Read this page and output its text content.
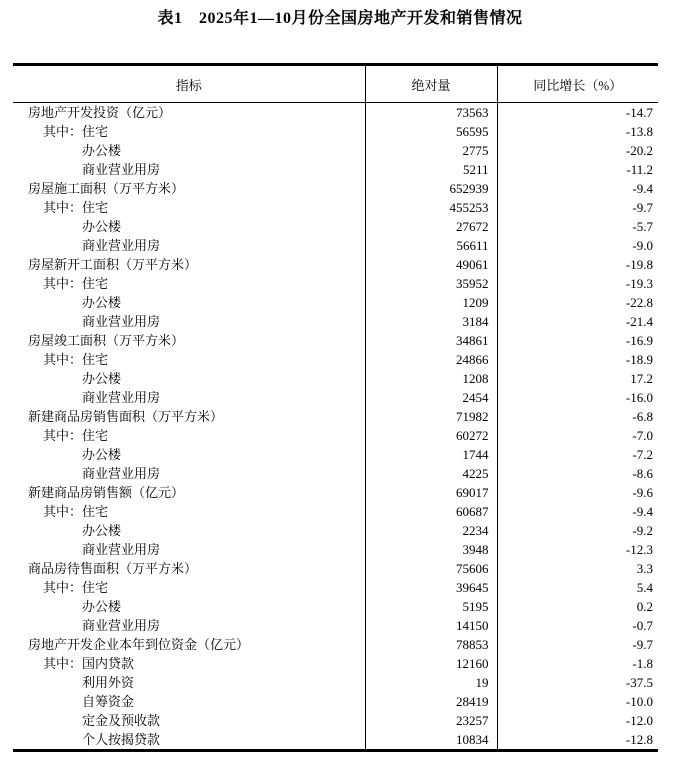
表1　2025年1—10月份全国房地产开发和销售情况
指标	绝对量	同比增长（%）
房地产开发投资（亿元）	73563	-14.7
其中：住宅	56595	-13.8
办公楼	2775	-20.2
商业营业用房	5211	-11.2
房屋施工面积（万平方米）	652939	-9.4
其中：住宅	455253	-9.7
办公楼	27672	-5.7
商业营业用房	56611	-9.0
房屋新开工面积（万平方米）	49061	-19.8
其中：住宅	35952	-19.3
办公楼	1209	-22.8
商业营业用房	3184	-21.4
房屋竣工面积（万平方米）	34861	-16.9
其中：住宅	24866	-18.9
办公楼	1208	17.2
商业营业用房	2454	-16.0
新建商品房销售面积（万平方米）	71982	-6.8
其中：住宅	60272	-7.0
办公楼	1744	-7.2
商业营业用房	4225	-8.6
新建商品房销售额（亿元）	69017	-9.6
其中：住宅	60687	-9.4
办公楼	2234	-9.2
商业营业用房	3948	-12.3
商品房待售面积（万平方米）	75606	3.3
其中：住宅	39645	5.4
办公楼	5195	0.2
商业营业用房	14150	-0.7
房地产开发企业本年到位资金（亿元）	78853	-9.7
其中：国内贷款	12160	-1.8
利用外资	19	-37.5
自筹资金	28419	-10.0
定金及预收款	23257	-12.0
个人按揭贷款	10834	-12.8
